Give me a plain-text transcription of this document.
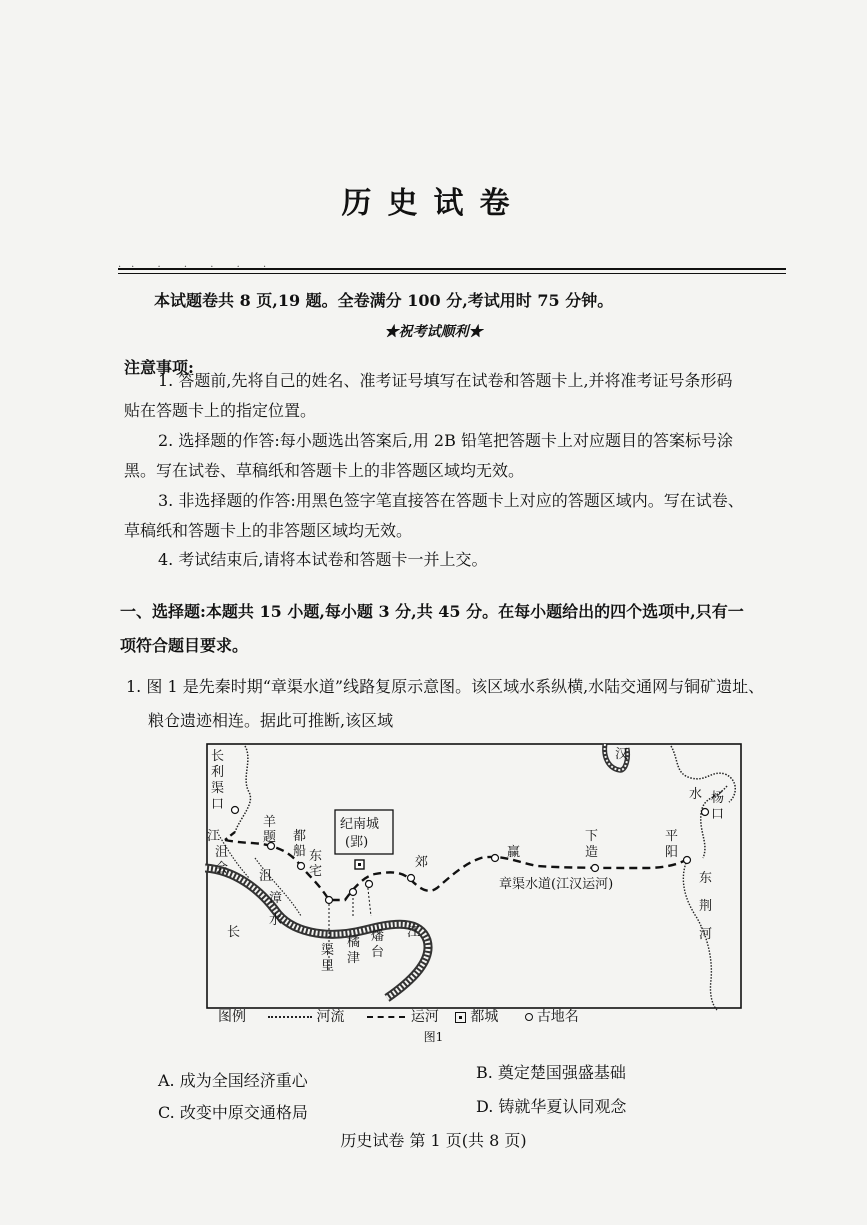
历史试卷
本试题卷共 8 页,19 题。全卷满分 100 分,考试用时 75 分钟。
★祝考试顺利★
注意事项:
1. 答题前,先将自己的姓名、准考证号填写在试卷和答题卡上,并将准考证号条形码
贴在答题卡上的指定位置。
2. 选择题的作答:每小题选出答案后,用 2B 铅笔把答题卡上对应题目的答案标号涂
黑。写在试卷、草稿纸和答题卡上的非答题区域均无效。
3. 非选择题的作答:用黑色签字笔直接答在答题卡上对应的答题区域内。写在试卷、
草稿纸和答题卡上的非答题区域均无效。
4. 考试结束后,请将本试卷和答题卡一并上交。
一、选择题:本题共 15 小题,每小题 3 分,共 45 分。在每小题给出的四个选项中,只有一
项符合题目要求。
1. 图 1 是先秦时期“章渠水道”线路复原示意图。该区域水系纵横,水陆交通网与铜矿遗址、
粮仓遗迹相连。据此可推断,该区域
长利渠口
江
沮会
沮
漳水
长
羊题 都船 东宅
纪南城
(郢)
江
渠里
橘津
燔台
郊
赢
下造
平阳
章渠水道(江汉运河)
汉
水 杨口
东荆河
图例	河流	运河 都城	古地名
图1
A. 成为全国经济重心	B. 奠定楚国强盛基础
C. 改变中原交通格局	D. 铸就华夏认同观念
历史试卷 第 1 页(共 8 页)
